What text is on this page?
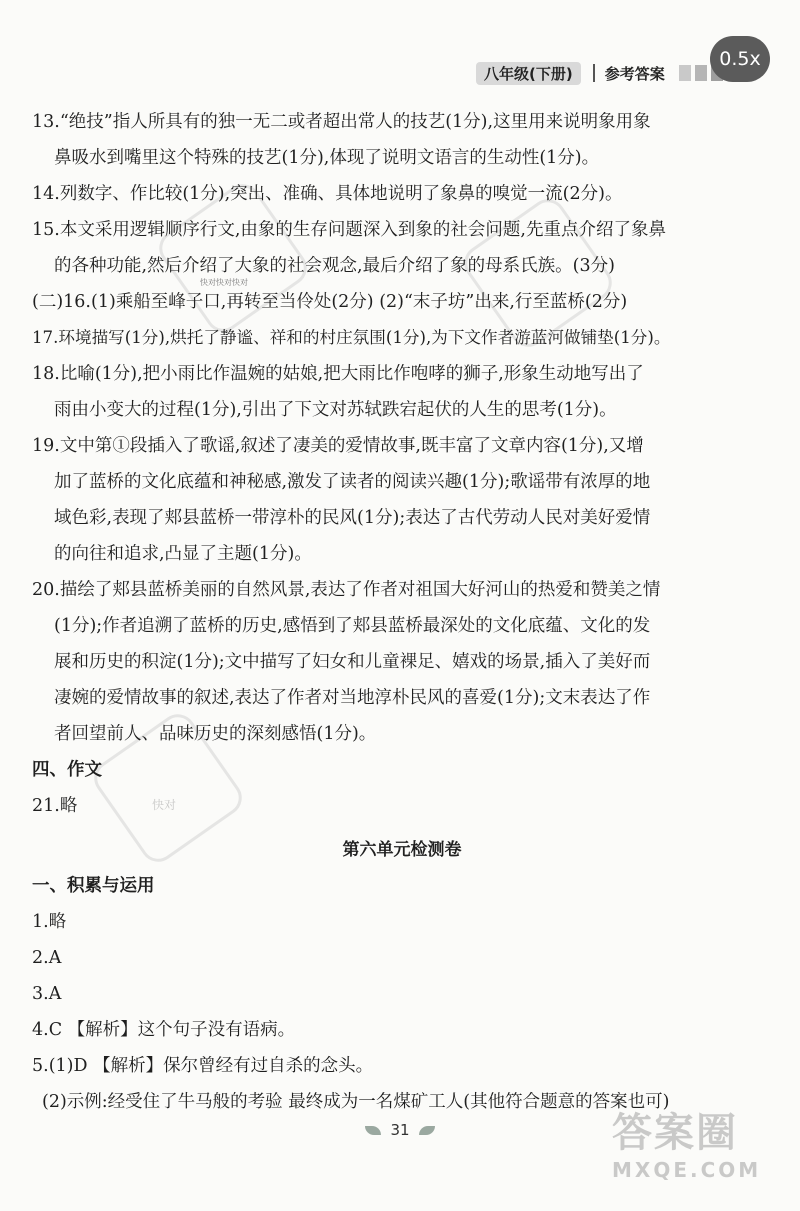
八年级(下册)	参考答案
0.5x
快对快对快对
快对
13.“绝技”指人所具有的独一无二或者超出常人的技艺(1分),这里用来说明象用象
鼻吸水到嘴里这个特殊的技艺(1分),体现了说明文语言的生动性(1分)。
14.列数字、作比较(1分),突出、准确、具体地说明了象鼻的嗅觉一流(2分)。
15.本文采用逻辑顺序行文,由象的生存问题深入到象的社会问题,先重点介绍了象鼻
的各种功能,然后介绍了大象的社会观念,最后介绍了象的母系氏族。(3分)
(二)16.(1)乘船至峰子口,再转至当伶处(2分) (2)“末子坊”出来,行至蓝桥(2分)
17.环境描写(1分),烘托了静谧、祥和的村庄氛围(1分),为下文作者游蓝河做铺垫(1分)。
18.比喻(1分),把小雨比作温婉的姑娘,把大雨比作咆哮的狮子,形象生动地写出了
雨由小变大的过程(1分),引出了下文对苏轼跌宕起伏的人生的思考(1分)。
19.文中第①段插入了歌谣,叙述了凄美的爱情故事,既丰富了文章内容(1分),又增
加了蓝桥的文化底蕴和神秘感,激发了读者的阅读兴趣(1分);歌谣带有浓厚的地
域色彩,表现了郏县蓝桥一带淳朴的民风(1分);表达了古代劳动人民对美好爱情
的向往和追求,凸显了主题(1分)。
20.描绘了郏县蓝桥美丽的自然风景,表达了作者对祖国大好河山的热爱和赞美之情
(1分);作者追溯了蓝桥的历史,感悟到了郏县蓝桥最深处的文化底蕴、文化的发
展和历史的积淀(1分);文中描写了妇女和儿童裸足、嬉戏的场景,插入了美好而
凄婉的爱情故事的叙述,表达了作者对当地淳朴民风的喜爱(1分);文末表达了作
者回望前人、品味历史的深刻感悟(1分)。
四、作文
21.略
第六单元检测卷
一、积累与运用
1.略
2.A
3.A
4.C 【解析】这个句子没有语病。
5.(1)D 【解析】保尔曾经有过自杀的念头。
(2)示例:经受住了牛马般的考验 最终成为一名煤矿工人(其他符合题意的答案也可)
31	答案圈
MXQE.COM
